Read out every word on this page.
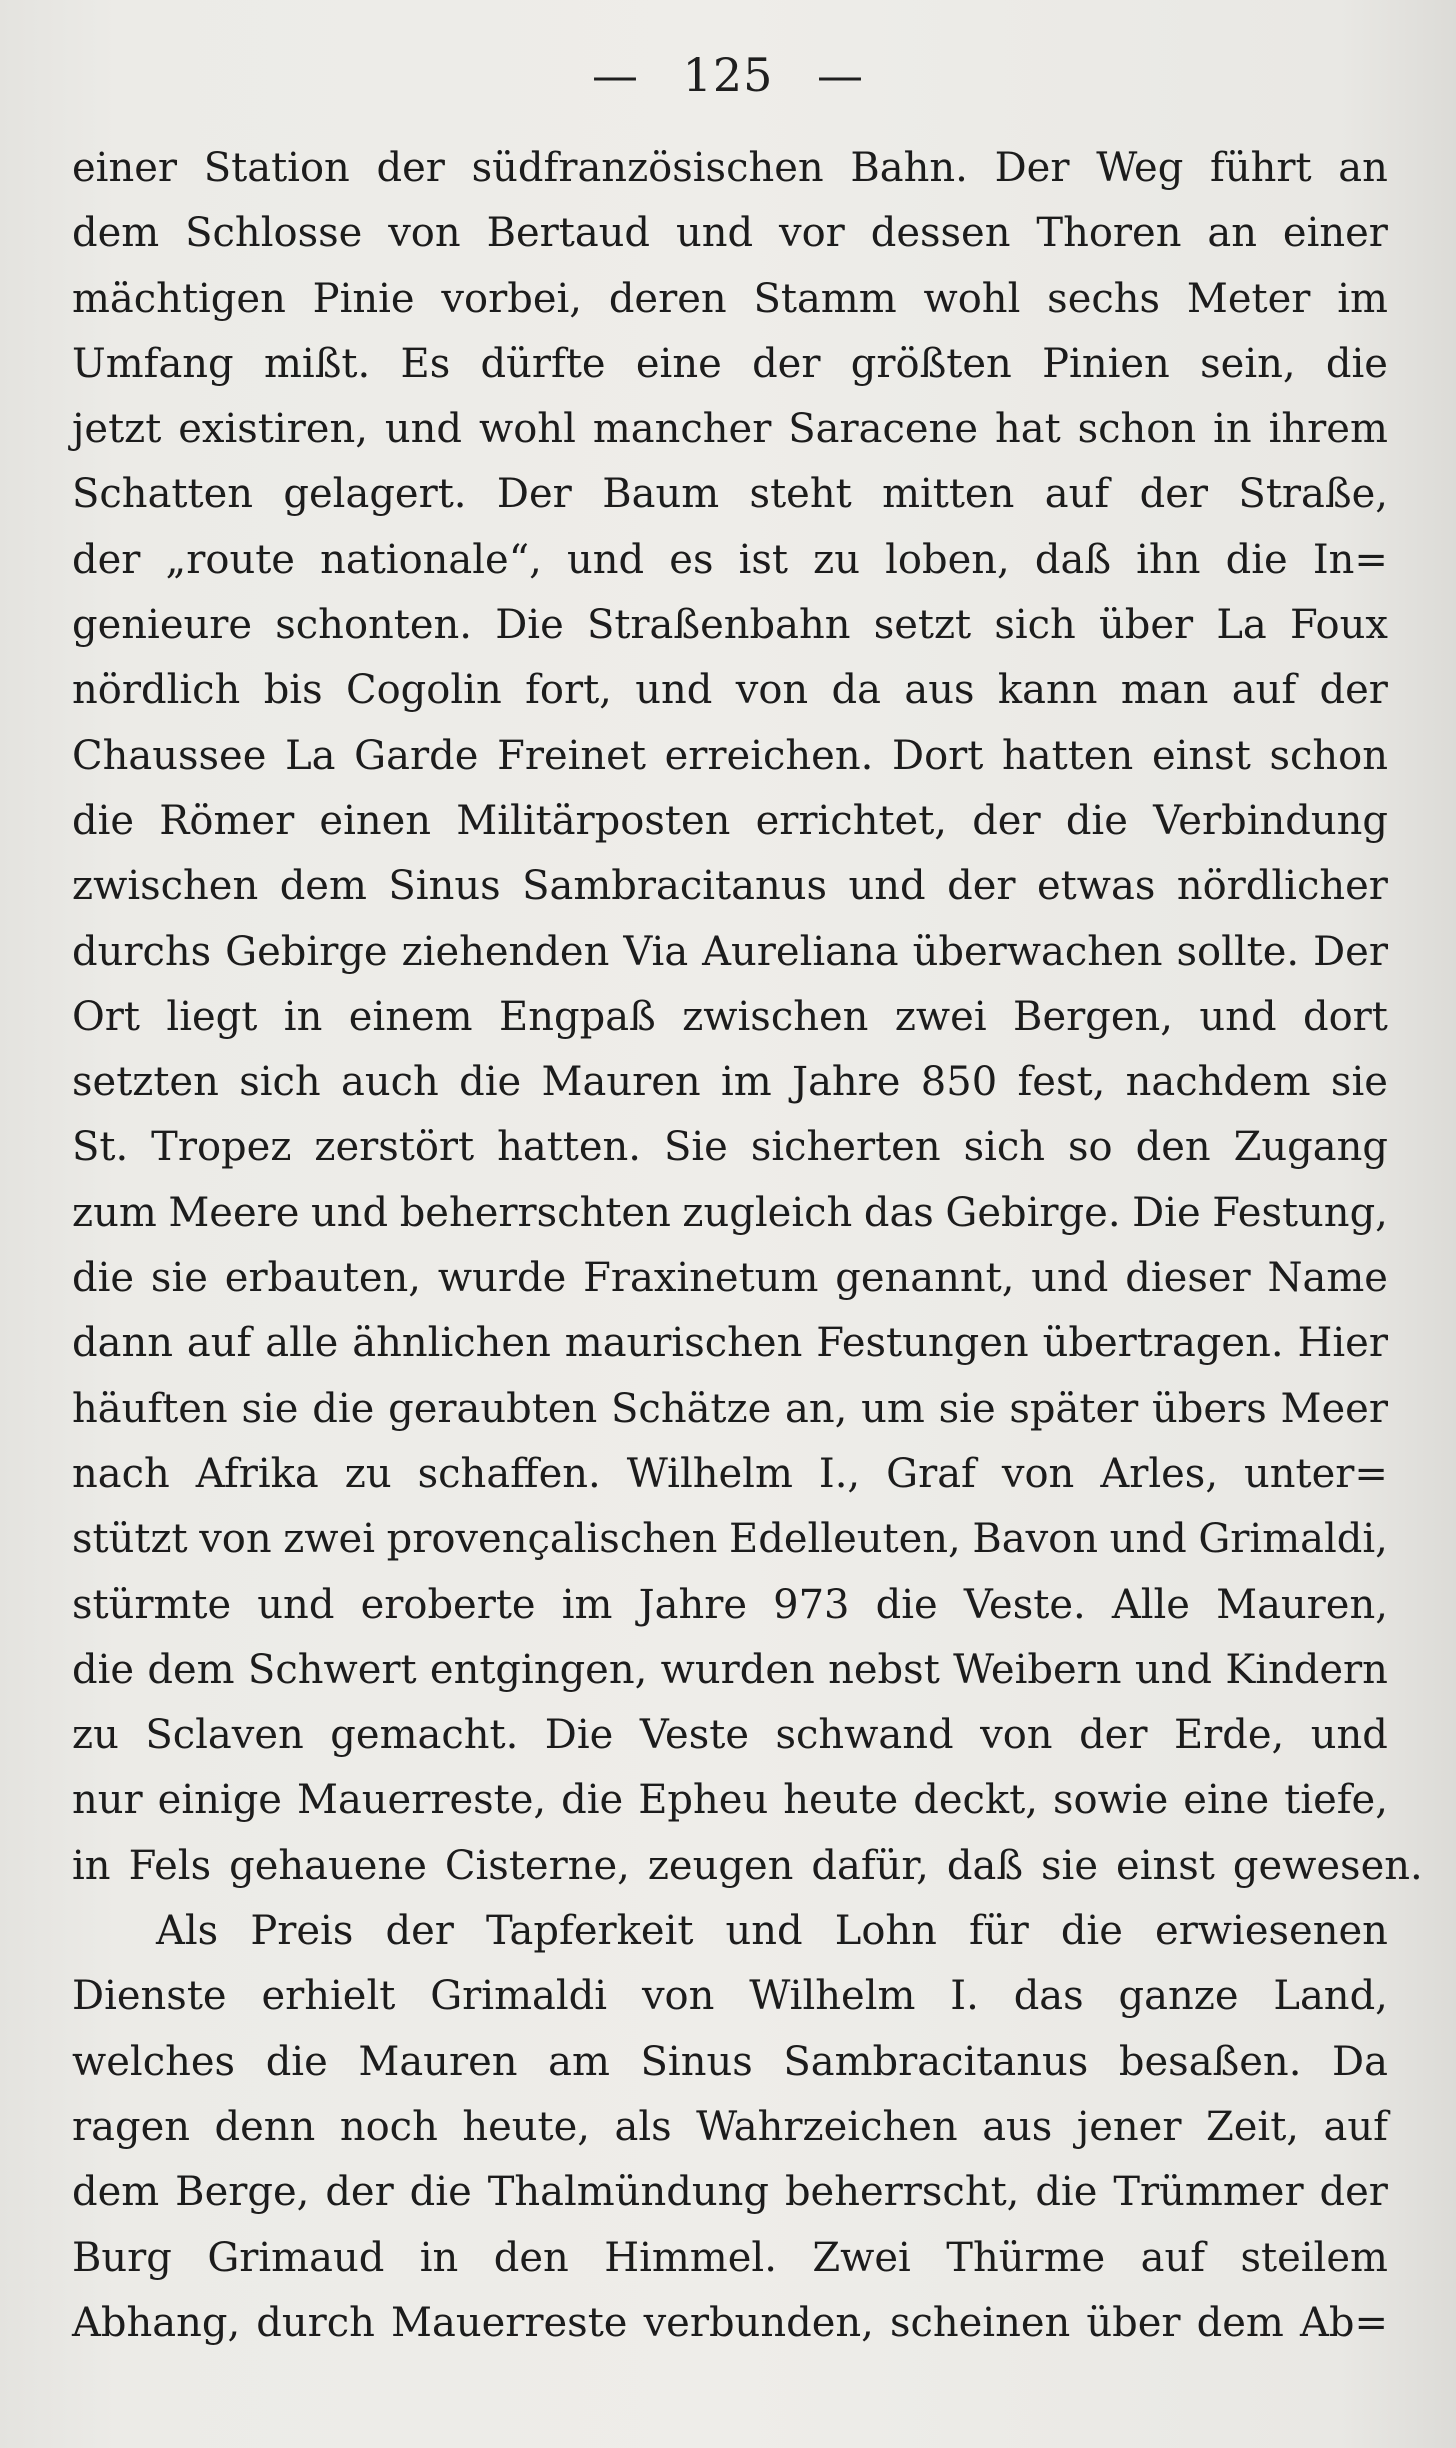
— 125 —
einer Station der südfranzösischen Bahn. Der Weg führt an
dem Schlosse von Bertaud und vor dessen Thoren an einer
mächtigen Pinie vorbei, deren Stamm wohl sechs Meter im
Umfang mißt. Es dürfte eine der größten Pinien sein, die
jetzt existiren, und wohl mancher Saracene hat schon in ihrem
Schatten gelagert. Der Baum steht mitten auf der Straße,
der „route nationale“, und es ist zu loben, daß ihn die In=
genieure schonten. Die Straßenbahn setzt sich über La Foux
nördlich bis Cogolin fort, und von da aus kann man auf der
Chaussee La Garde Freinet erreichen. Dort hatten einst schon
die Römer einen Militärposten errichtet, der die Verbindung
zwischen dem Sinus Sambracitanus und der etwas nördlicher
durchs Gebirge ziehenden Via Aureliana überwachen sollte. Der
Ort liegt in einem Engpaß zwischen zwei Bergen, und dort
setzten sich auch die Mauren im Jahre 850 fest, nachdem sie
St. Tropez zerstört hatten. Sie sicherten sich so den Zugang
zum Meere und beherrschten zugleich das Gebirge. Die Festung,
die sie erbauten, wurde Fraxinetum genannt, und dieser Name
dann auf alle ähnlichen maurischen Festungen übertragen. Hier
häuften sie die geraubten Schätze an, um sie später übers Meer
nach Afrika zu schaffen. Wilhelm I., Graf von Arles, unter=
stützt von zwei provençalischen Edelleuten, Bavon und Grimaldi,
stürmte und eroberte im Jahre 973 die Veste. Alle Mauren,
die dem Schwert entgingen, wurden nebst Weibern und Kindern
zu Sclaven gemacht. Die Veste schwand von der Erde, und
nur einige Mauerreste, die Epheu heute deckt, sowie eine tiefe,
in Fels gehauene Cisterne, zeugen dafür, daß sie einst gewesen.
Als Preis der Tapferkeit und Lohn für die erwiesenen
Dienste erhielt Grimaldi von Wilhelm I. das ganze Land,
welches die Mauren am Sinus Sambracitanus besaßen. Da
ragen denn noch heute, als Wahrzeichen aus jener Zeit, auf
dem Berge, der die Thalmündung beherrscht, die Trümmer der
Burg Grimaud in den Himmel. Zwei Thürme auf steilem
Abhang, durch Mauerreste verbunden, scheinen über dem Ab=
